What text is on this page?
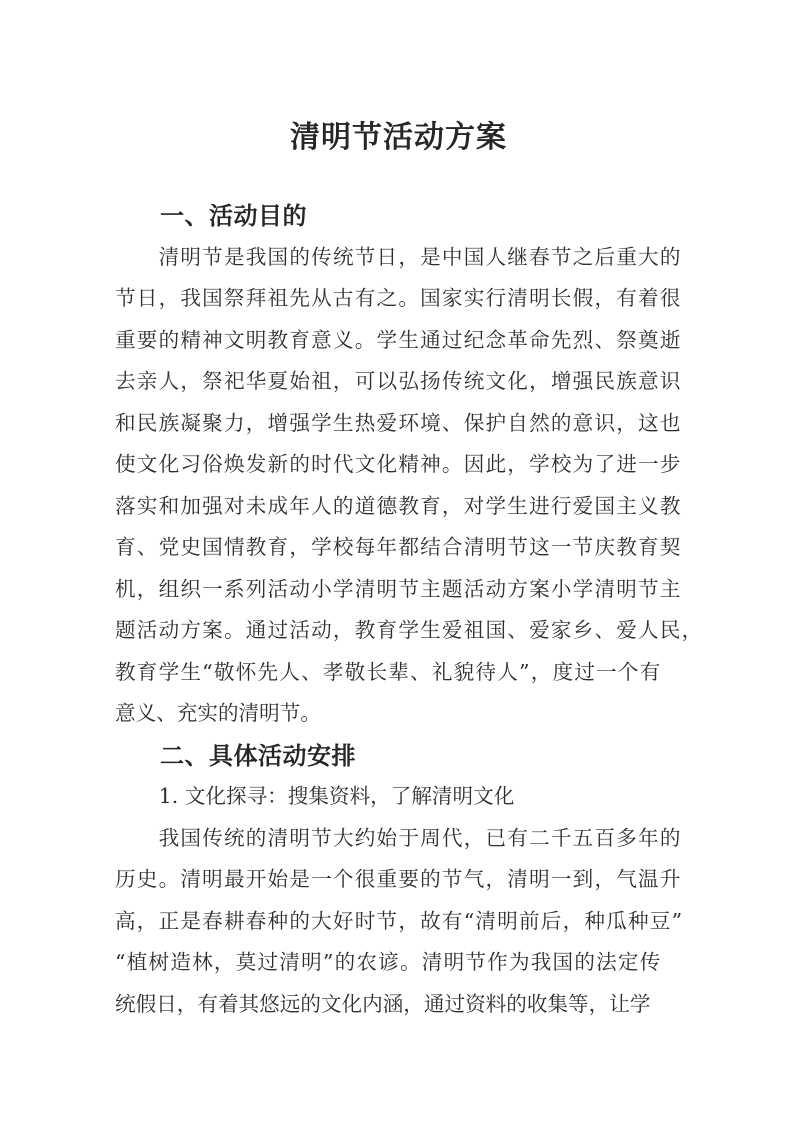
清明节活动方案
一、活动目的
清明节是我国的传统节日，是中国人继春节之后重大的
节日，我国祭拜祖先从古有之。国家实行清明长假，有着很
重要的精神文明教育意义。学生通过纪念革命先烈、祭奠逝
去亲人，祭祀华夏始祖，可以弘扬传统文化，增强民族意识
和民族凝聚力，增强学生热爱环境、保护自然的意识，这也
使文化习俗焕发新的时代文化精神。因此，学校为了进一步
落实和加强对未成年人的道德教育，对学生进行爱国主义教
育、党史国情教育，学校每年都结合清明节这一节庆教育契
机，组织一系列活动小学清明节主题活动方案小学清明节主
题活动方案。通过活动，教育学生爱祖国、爱家乡、爱人民，
教育学生“敬怀先人、孝敬长辈、礼貌待人”，度过一个有
意义、充实的清明节。
二、具体活动安排
1. 文化探寻：搜集资料，了解清明文化
我国传统的清明节大约始于周代，已有二千五百多年的
历史。清明最开始是一个很重要的节气，清明一到，气温升
高，正是春耕春种的大好时节，故有“清明前后，种瓜种豆”
“植树造林，莫过清明”的农谚。清明节作为我国的法定传
统假日，有着其悠远的文化内涵，通过资料的收集等，让学
